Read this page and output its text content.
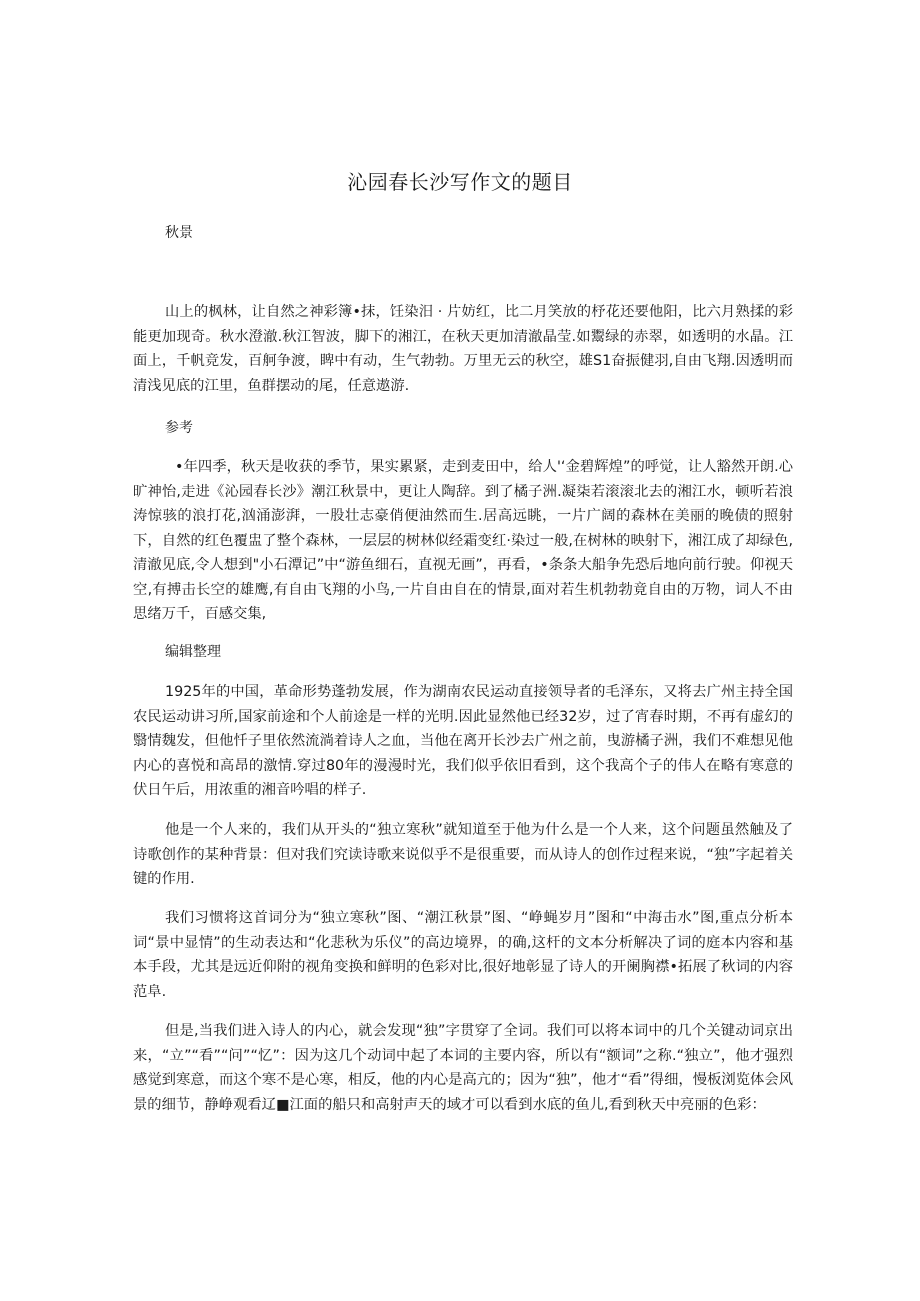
沁园春长沙写作文的题目
秋景
山上的枫林，让自然之神彩簿•抹，饪染汨 · 片妨红，比二月笑放的杼花还要他阳，比六月熟揉的彩能更加现奇。秋水澄澈.秋江智波，脚下的湘江，在秋天更加清澈晶莹.如鬻绿的赤翠，如透明的水晶。江面上，千帆竞发，百舸争渡，睥中有动，生气勃勃。万里无云的秋空，雄S1奋振健羽,自由飞翔.因透明而清浅见底的江里，鱼群摆动的尾，任意遨游.
参考
•年四季，秋天是收获的季节，果实累紧，走到麦田中，给人'‘金碧辉煌”的呼觉，让人豁然开朗.心旷神怡,走进《沁园春长沙》潮江秋景中，更让人陶辞。到了橘子洲.凝柒若滚滚北去的湘江水，顿听若浪涛惊骇的浪打花,汹涌澎湃，一股壮志豪俏便油然而生.居高远眺，一片广阔的森林在美丽的晚债的照射下，自然的红色覆盅了整个森林，一层层的树林似经霜变红·染过一般,在树林的映射下，湘江成了却绿色,清澈见底,令人想到"小石潭记”中“游鱼细石，直视无画”，再看，•条条大船争先恐后地向前行驶。仰视天空,有搏击长空的雄鹰,有自由飞翔的小鸟,一片自由自在的情景,面对若生机勃勃竟自由的万物，词人不由思绪万千，百感交集,
编辑整理
1925年的中国，革命形势蓬勃发展，作为湖南农民运动直接领导者的毛泽东，又将去广州主持全国农民运动讲习所,国家前途和个人前途是一样的光明.因此显然他已经32岁，过了宵春时期，不再有虚幻的翳情魏发，但他忏子里依然流淌着诗人之血，当他在离开长沙去广州之前，曳游橘子洲，我们不难想见他内心的喜悦和高昂的激情.穿过80年的漫漫时光，我们似乎依旧看到，这个我高个子的伟人在略有寒意的伏日午后，用浓重的湘音吟唱的样子.
他是一个人来的，我们从开头的“独立寒秋”就知道至于他为什么是一个人来，这个问题虽然触及了诗歌创作的某种背景：但对我们究读诗歌来说似乎不是很重要，而从诗人的创作过程来说，“独”字起着关键的作用.
我们习惯将这首词分为“独立寒秋”图、“潮江秋景”图、“峥蝇岁月”图和“中海击水”图,重点分析本词“景中显情”的生动表达和“化悲秋为乐仪”的高边境界，的确,这杆的文本分析解决了词的庭本内容和基本手段，尤其是远近仰附的视角变换和鲜明的色彩对比,很好地彰显了诗人的开阑胸襟•拓展了秋词的内容范阜.
但是,当我们进入诗人的内心，就会发现“独”字贯穿了全词。我们可以将本词中的几个关键动词京出来，“立”“看”“问”“忆”：因为这几个动词中起了本词的主要内容，所以有“额词”之称.“独立”，他才强烈感觉到寒意，而这个寒不是心寒，相反，他的内心是高亢的；因为“独”，他才“看”得细，慢板浏览体会风景的细节，静峥观看辽■江面的船只和高射声天的域才可以看到水底的鱼儿,看到秋天中亮丽的色彩：
